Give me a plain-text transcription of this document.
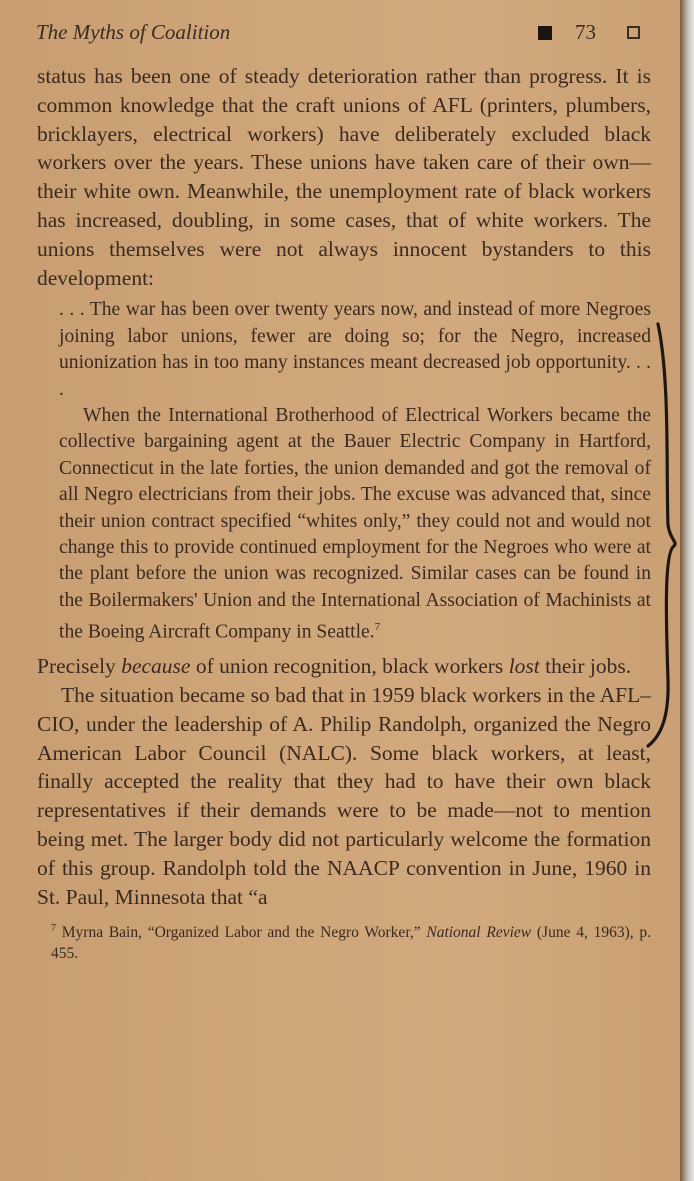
The Myths of Coalition	73

status has been one of steady deterioration rather than progress. It is common knowledge that the craft unions of AFL (printers, plumbers, bricklayers, electrical workers) have deliberately excluded black workers over the years. These unions have taken care of their own—their white own. Meanwhile, the unemployment rate of black workers has increased, doubling, in some cases, that of white workers. The unions themselves were not always innocent bystanders to this development:

. . . The war has been over twenty years now, and instead of more Negroes joining labor unions, fewer are doing so; for the Negro, increased unionization has in too many instances meant decreased job opportunity. . . .

When the International Brotherhood of Electrical Workers became the collective bargaining agent at the Bauer Electric Company in Hartford, Connecticut in the late forties, the union demanded and got the removal of all Negro electricians from their jobs. The excuse was advanced that, since their union contract specified “whites only,” they could not and would not change this to provide continued employment for the Negroes who were at the plant before the union was recognized. Similar cases can be found in the Boilermakers' Union and the International Association of Machinists at the Boeing Aircraft Company in Seattle.$^7$

Precisely because of union recognition, black workers lost their jobs.

The situation became so bad that in 1959 black workers in the AFL–CIO, under the leadership of A. Philip Randolph, organized the Negro American Labor Council (NALC). Some black workers, at least, finally accepted the reality that they had to have their own black representatives if their demands were to be made—not to mention being met. The larger body did not particularly welcome the formation of this group. Randolph told the NAACP convention in June, 1960 in St. Paul, Minnesota that “a

$^7$ Myrna Bain, “Organized Labor and the Negro Worker,” National Review (June 4, 1963), p. 455.
